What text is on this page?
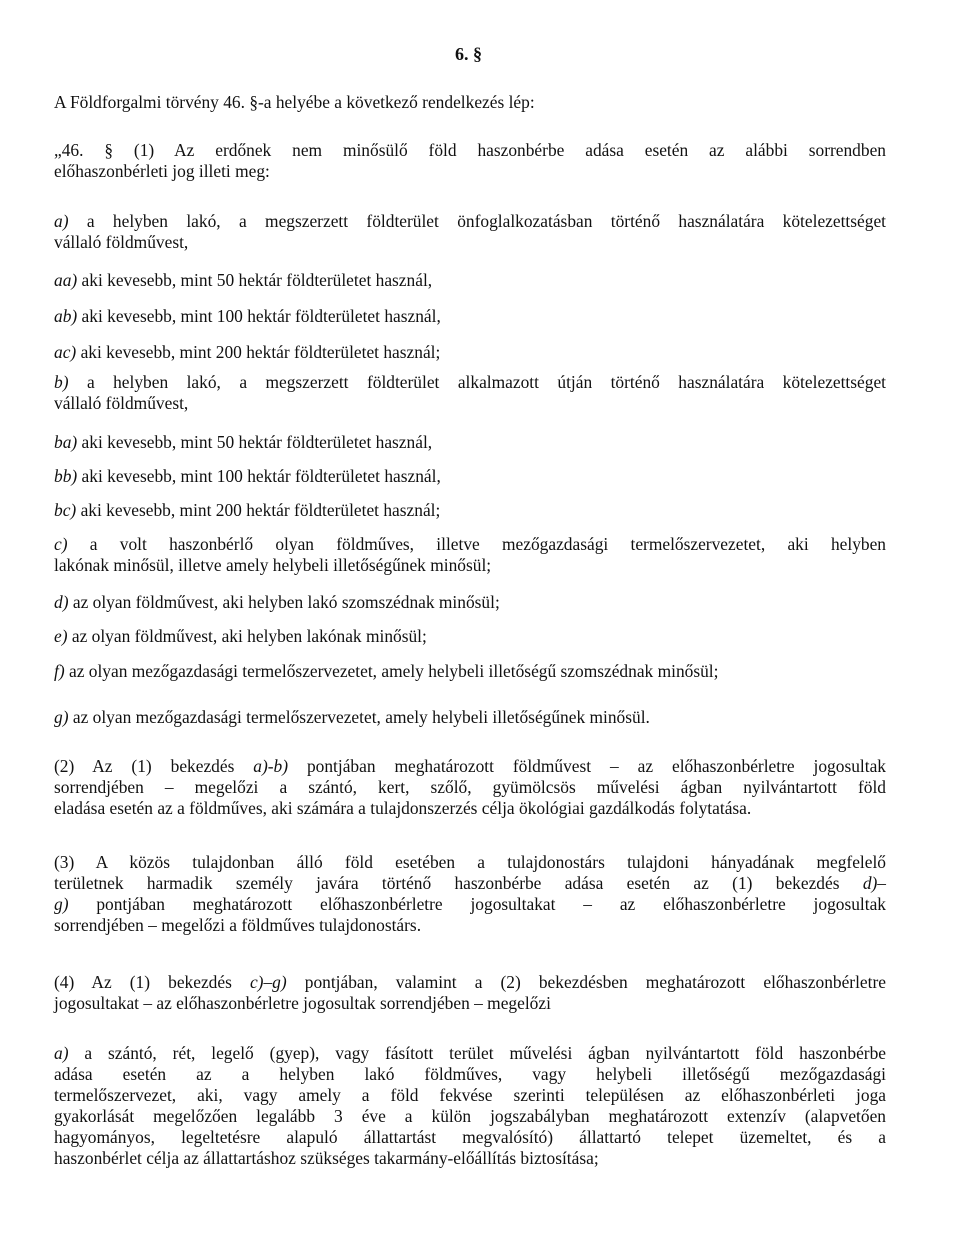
6. §

A Földforgalmi törvény 46. §-a helyébe a következő rendelkezés lép:

„46. § (1) Az erdőnek nem minősülő föld haszonbérbe adása esetén az alábbi sorrendben
előhaszonbérleti jog illeti meg:

a) a helyben lakó, a megszerzett földterület önfoglalkozatásban történő használatára kötelezettséget
vállaló földművest,

aa) aki kevesebb, mint 50 hektár földterületet használ,

ab) aki kevesebb, mint 100 hektár földterületet használ,

ac) aki kevesebb, mint 200 hektár földterületet használ;

b) a helyben lakó, a megszerzett földterület alkalmazott útján történő használatára kötelezettséget
vállaló földművest,

ba) aki kevesebb, mint 50 hektár földterületet használ,

bb) aki kevesebb, mint 100 hektár földterületet használ,

bc) aki kevesebb, mint 200 hektár földterületet használ;

c) a volt haszonbérlő olyan földműves, illetve mezőgazdasági termelőszervezetet, aki helyben
lakónak minősül, illetve amely helybeli illetőségűnek minősül;

d) az olyan földművest, aki helyben lakó szomszédnak minősül;

e) az olyan földművest, aki helyben lakónak minősül;

f) az olyan mezőgazdasági termelőszervezetet, amely helybeli illetőségű szomszédnak minősül;

g) az olyan mezőgazdasági termelőszervezetet, amely helybeli illetőségűnek minősül.

(2) Az (1) bekezdés a)-b) pontjában meghatározott földművest – az előhaszonbérletre jogosultak
sorrendjében – megelőzi a szántó, kert, szőlő, gyümölcsös művelési ágban nyilvántartott föld
eladása esetén az a földműves, aki számára a tulajdonszerzés célja ökológiai gazdálkodás folytatása.

(3) A közös tulajdonban álló föld esetében a tulajdonostárs tulajdoni hányadának megfelelő
területnek harmadik személy javára történő haszonbérbe adása esetén az (1) bekezdés d)–
g) pontjában meghatározott előhaszonbérletre jogosultakat – az előhaszonbérletre jogosultak
sorrendjében – megelőzi a földműves tulajdonostárs.

(4) Az (1) bekezdés c)–g) pontjában, valamint a (2) bekezdésben meghatározott előhaszonbérletre
jogosultakat – az előhaszonbérletre jogosultak sorrendjében – megelőzi

a) a szántó, rét, legelő (gyep), vagy fásított terület művelési ágban nyilvántartott föld haszonbérbe
adása esetén az a helyben lakó földműves, vagy helybeli illetőségű mezőgazdasági
termelőszervezet, aki, vagy amely a föld fekvése szerinti településen az előhaszonbérleti joga
gyakorlását megelőzően legalább 3 éve a külön jogszabályban meghatározott extenzív (alapvetően
hagyományos, legeltetésre alapuló állattartást megvalósító) állattartó telepet üzemeltet, és a
haszonbérlet célja az állattartáshoz szükséges takarmány-előállítás biztosítása;
